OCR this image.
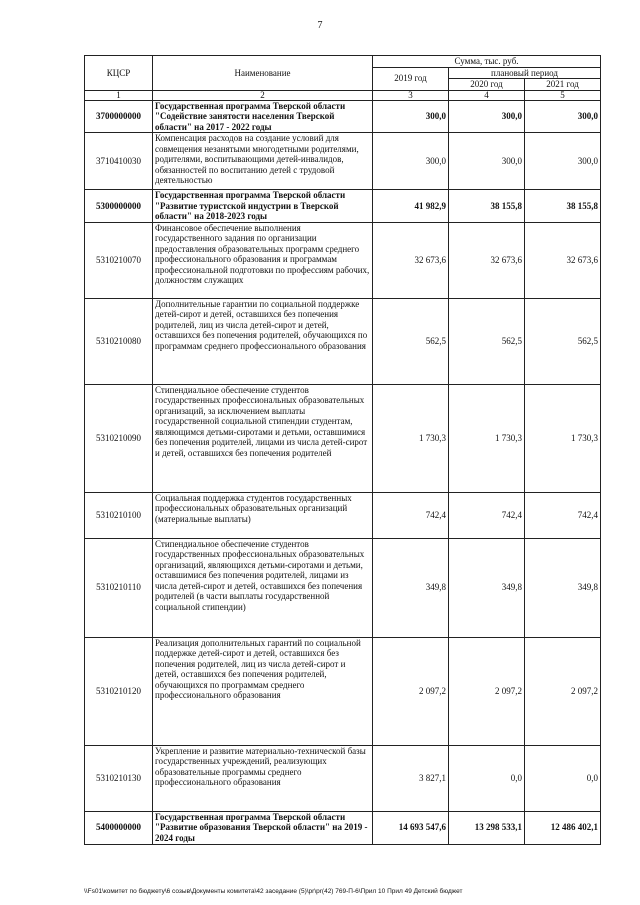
7
КЦСР	Наименование	Сумма, тыс. руб.		
		2019 год	плановый период	
			2020 год	2021 год
1	2	3	4	5
3700000000	Государственная программа Тверской области "Содействие занятости населения Тверской области" на 2017 - 2022 годы	300,0	300,0	300,0
3710410030	Компенсация расходов на создание условий для совмещения незанятыми многодетными родителями, родителями, воспитывающими детей-инвалидов, обязанностей по воспитанию детей с трудовой деятельностью	300,0	300,0	300,0
5300000000	Государственная программа Тверской области "Развитие туристской индустрии в Тверской области" на 2018-2023 годы	41 982,9	38 155,8	38 155,8
5310210070	Финансовое обеспечение выполнения государственного задания по организации предоставления образовательных программ среднего профессионального образования и программам профессиональной подготовки по профессиям рабочих, должностям служащих	32 673,6	32 673,6	32 673,6
5310210080	Дополнительные гарантии по социальной поддержке детей-сирот и детей, оставшихся без попечения родителей, лиц из числа детей-сирот и детей, оставшихся без попечения родителей, обучающихся по программам среднего профессионального образования	562,5	562,5	562,5
5310210090	Стипендиальное обеспечение студентов государственных профессиональных образовательных организаций, за исключением выплаты государственной социальной стипендии студентам, являющимся детьми-сиротами и детьми, оставшимися без попечения родителей, лицами из числа детей-сирот и детей, оставшихся без попечения родителей	1 730,3	1 730,3	1 730,3
5310210100	Социальная поддержка студентов государственных профессиональных образовательных организаций (материальные выплаты)	742,4	742,4	742,4
5310210110	Стипендиальное обеспечение студентов государственных профессиональных образовательных организаций, являющихся детьми-сиротами и детьми, оставшимися без попечения родителей, лицами из числа детей-сирот и детей, оставшихся без попечения родителей (в части выплаты государственной социальной стипендии)	349,8	349,8	349,8
5310210120	Реализация дополнительных гарантий по социальной поддержке детей-сирот и детей, оставшихся без попечения родителей, лиц из числа детей-сирот и детей, оставшихся без попечения родителей, обучающихся по программам среднего профессионального образования	2 097,2	2 097,2	2 097,2
5310210130	Укрепление и развитие материально-технической базы государственных учреждений, реализующих образовательные программы среднего профессионального образования	3 827,1	0,0	0,0
5400000000	Государственная программа Тверской области "Развитие образования Тверской области" на 2019 - 2024 годы	14 693 547,6	13 298 533,1	12 486 402,1
\\Fs01\комитет по бюджету\6 созыв\Документы комитета\42 заседание (5)\pr\pr(42) 769-П-6\Прил 10 Прил 49 Детский бюджет
